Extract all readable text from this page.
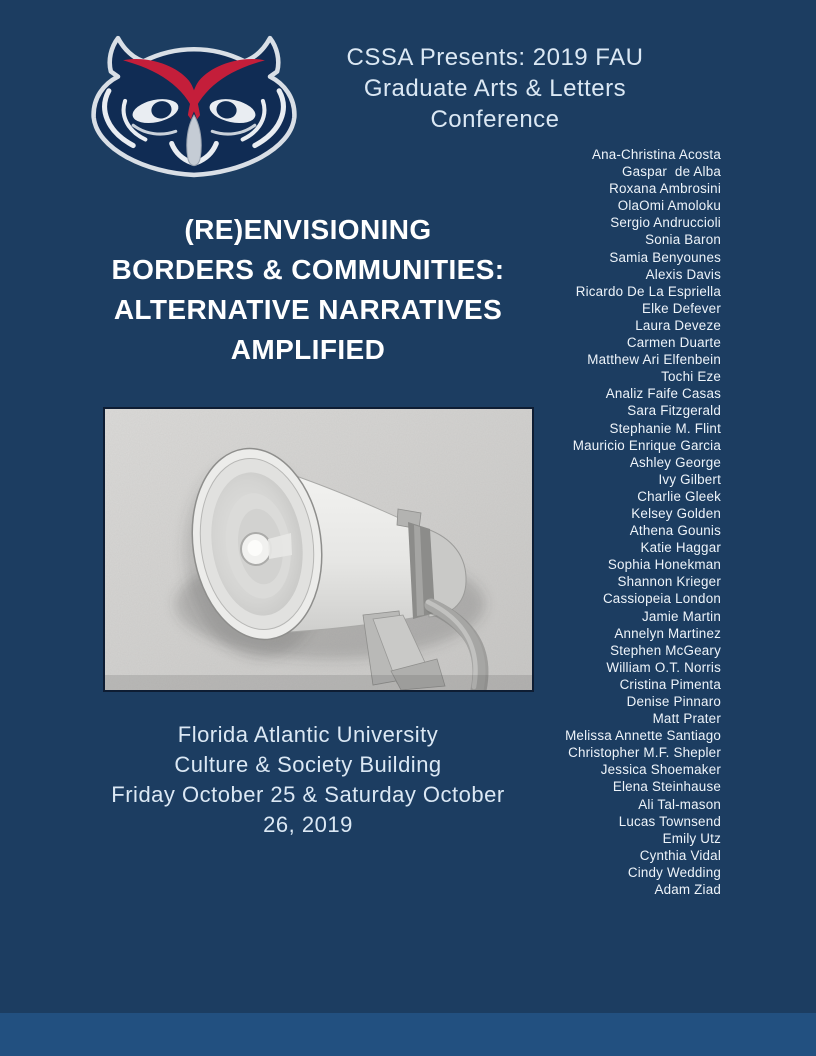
CSSA Presents: 2019 FAU
Graduate Arts & Letters
Conference
Ana-Christina Acosta
Gaspar  de Alba
Roxana Ambrosini
OlaOmi Amoloku
Sergio Andruccioli
Sonia Baron
Samia Benyounes
Alexis Davis
Ricardo De La Espriella
Elke Defever
Laura Deveze
Carmen Duarte
Matthew Ari Elfenbein
Tochi Eze
Analiz Faife Casas
Sara Fitzgerald
Stephanie M. Flint
Mauricio Enrique Garcia
Ashley George
Ivy Gilbert
Charlie Gleek
Kelsey Golden
Athena Gounis
Katie Haggar
Sophia Honekman
Shannon Krieger
Cassiopeia London
Jamie Martin
Annelyn Martinez
Stephen McGeary
William O.T. Norris
Cristina Pimenta
Denise Pinnaro
Matt Prater
Melissa Annette Santiago
Christopher M.F. Shepler
Jessica Shoemaker
Elena Steinhause
Ali Tal-mason
Lucas Townsend
Emily Utz
Cynthia Vidal
Cindy Wedding
Adam Ziad
(RE)ENVISIONING
BORDERS & COMMUNITIES:
ALTERNATIVE NARRATIVES
AMPLIFIED
Florida Atlantic University
Culture & Society Building
Friday October 25 & Saturday October
26, 2019
